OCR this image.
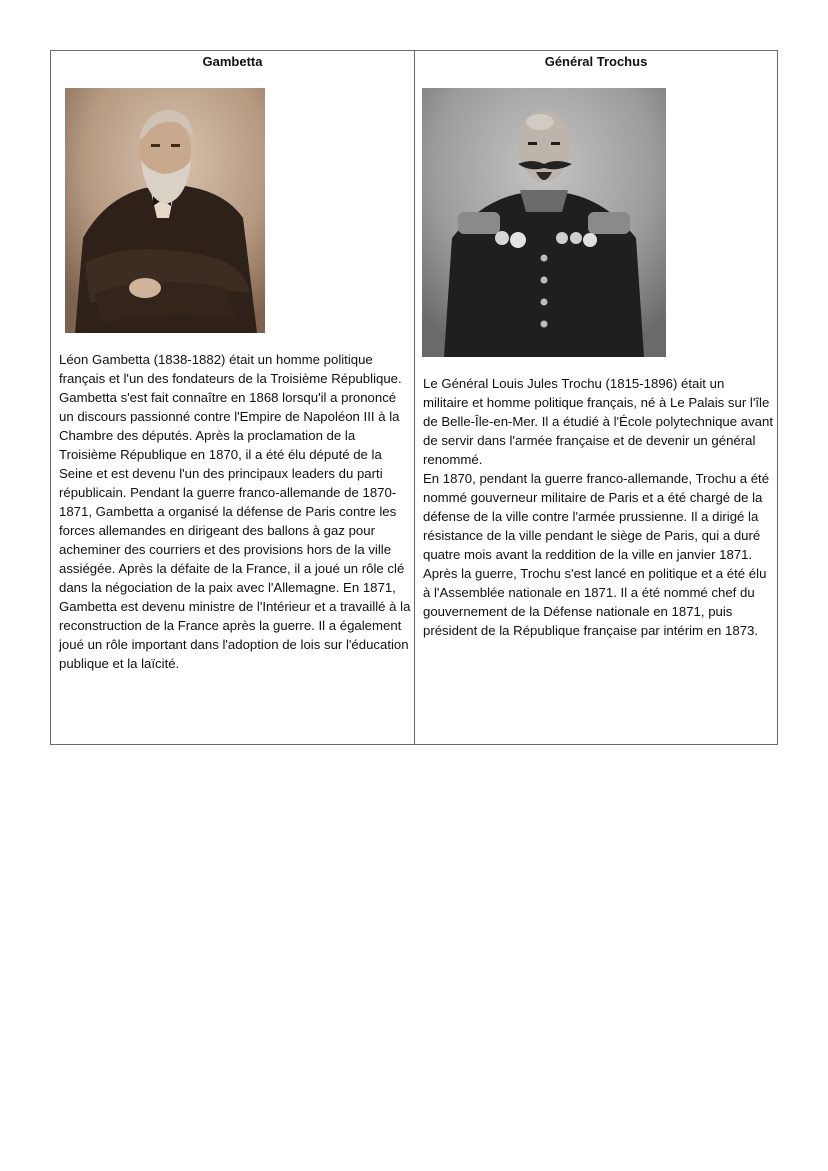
Gambetta

Léon Gambetta (1838-1882) était un homme politique français et l'un des fondateurs de la Troisième République. Gambetta s'est fait connaître en 1868 lorsqu'il a prononcé un discours passionné contre l'Empire de Napoléon III à la Chambre des députés. Après la proclamation de la Troisième République en 1870, il a été élu député de la Seine et est devenu l'un des principaux leaders du parti républicain. Pendant la guerre franco-allemande de 1870-1871, Gambetta a organisé la défense de Paris contre les forces allemandes en dirigeant des ballons à gaz pour acheminer des courriers et des provisions hors de la ville assiégée. Après la défaite de la France, il a joué un rôle clé dans la négociation de la paix avec l'Allemagne. En 1871, Gambetta est devenu ministre de l'Intérieur et a travaillé à la reconstruction de la France après la guerre. Il a également joué un rôle important dans l'adoption de lois sur l'éducation publique et la laïcité.

Général Trochus

Le Général Louis Jules Trochu (1815-1896) était un militaire et homme politique français, né à Le Palais sur l'île de Belle-Île-en-Mer. Il a étudié à l'École polytechnique avant de servir dans l'armée française et de devenir un général renommé.

En 1870, pendant la guerre franco-allemande, Trochu a été nommé gouverneur militaire de Paris et a été chargé de la défense de la ville contre l'armée prussienne. Il a dirigé la résistance de la ville pendant le siège de Paris, qui a duré quatre mois avant la reddition de la ville en janvier 1871.

Après la guerre, Trochu s'est lancé en politique et a été élu à l'Assemblée nationale en 1871. Il a été nommé chef du gouvernement de la Défense nationale en 1871, puis président de la République française par intérim en 1873.
